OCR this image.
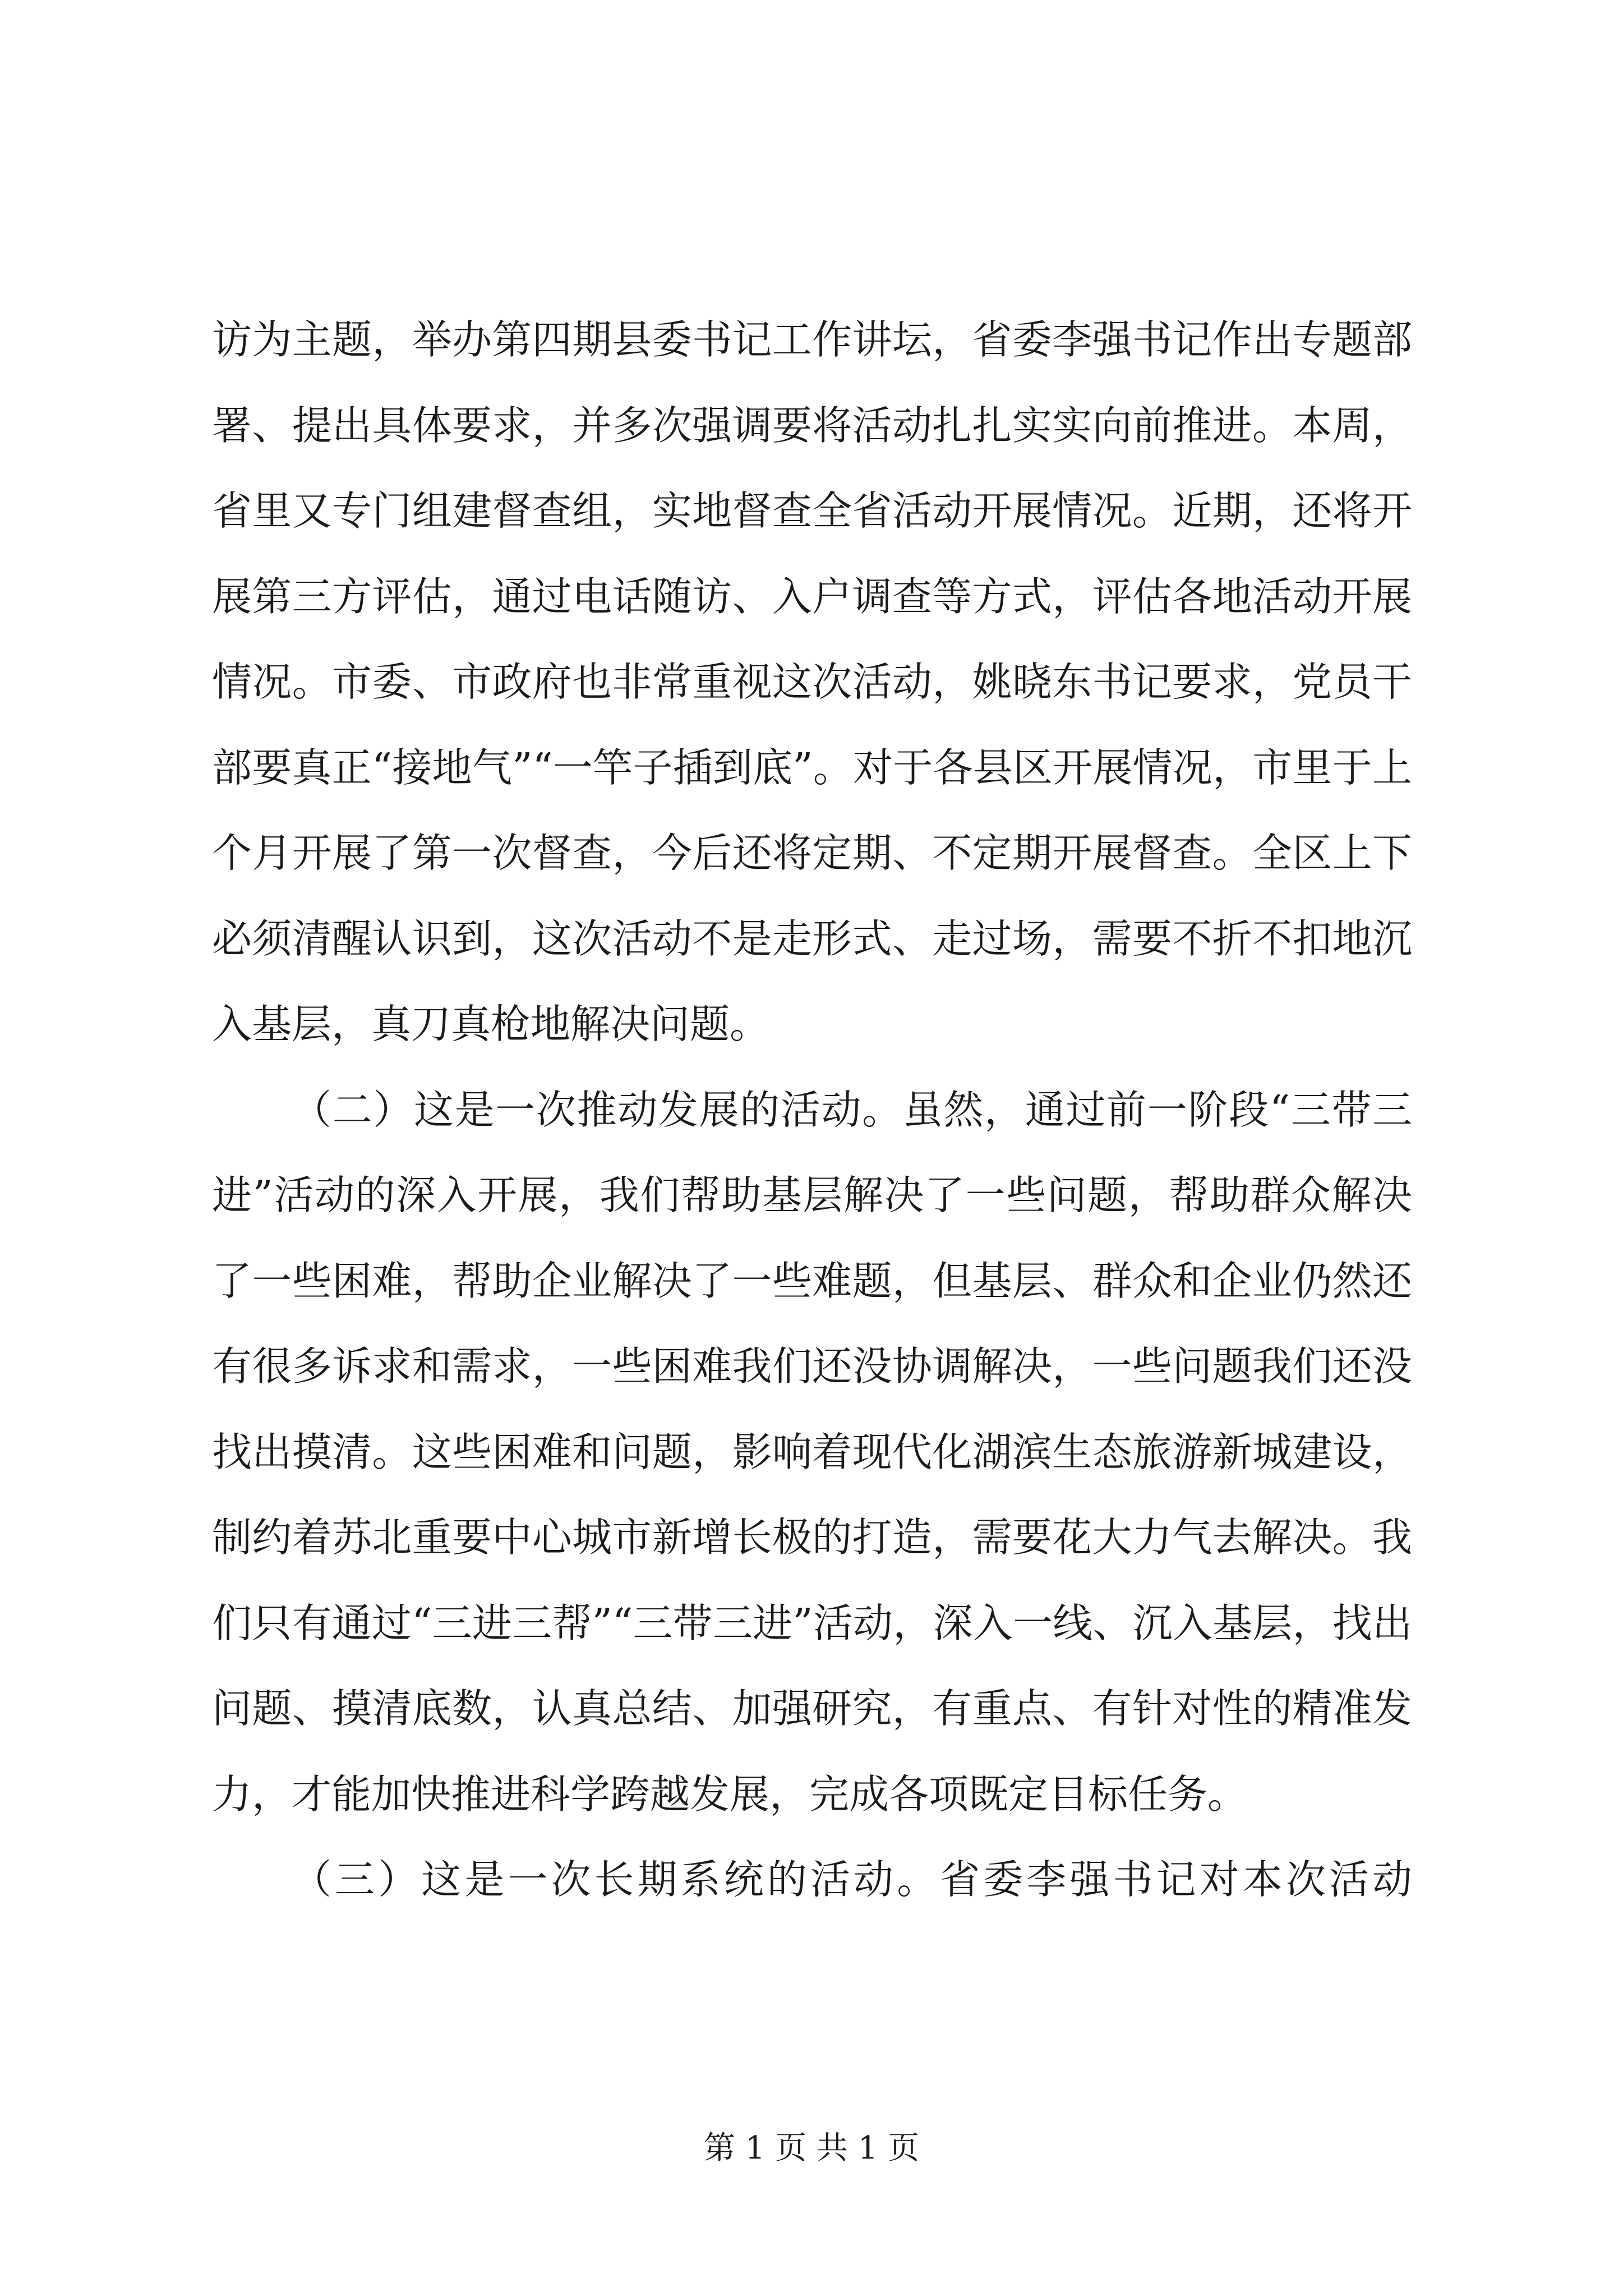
访为主题，举办第四期县委书记工作讲坛，省委李强书记作出专题部署、提出具体要求，并多次强调要将活动扎扎实实向前推进。本周，省里又专门组建督查组，实地督查全省活动开展情况。近期，还将开展第三方评估，通过电话随访、入户调查等方式，评估各地活动开展情况。市委、市政府也非常重视这次活动，姚晓东书记要求，党员干部要真正“接地气”“一竿子插到底”。对于各县区开展情况，市里于上个月开展了第一次督查，今后还将定期、不定期开展督查。全区上下必须清醒认识到，这次活动不是走形式、走过场，需要不折不扣地沉入基层，真刀真枪地解决问题。

（二）这是一次推动发展的活动。虽然，通过前一阶段“三带三进”活动的深入开展，我们帮助基层解决了一些问题，帮助群众解决了一些困难，帮助企业解决了一些难题，但基层、群众和企业仍然还有很多诉求和需求，一些困难我们还没协调解决，一些问题我们还没找出摸清。这些困难和问题，影响着现代化湖滨生态旅游新城建设，制约着苏北重要中心城市新增长极的打造，需要花大力气去解决。我们只有通过“三进三帮”“三带三进”活动，深入一线、沉入基层，找出问题、摸清底数，认真总结、加强研究，有重点、有针对性的精准发力，才能加快推进科学跨越发展，完成各项既定目标任务。

（三）这是一次长期系统的活动。省委李强书记对本次活动

第 1 页 共 1 页
